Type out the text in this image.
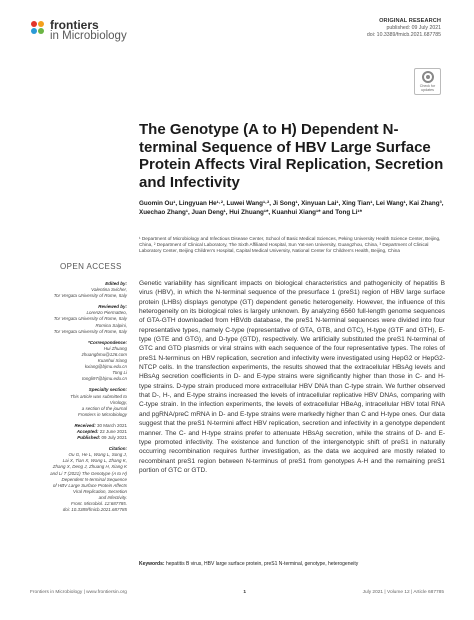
frontiers
in Microbiology
ORIGINAL RESEARCH
published: 09 July 2021
doi: 10.3389/fmicb.2021.687785
Check for updates
The Genotype (A to H) Dependent N-terminal Sequence of HBV Large Surface Protein Affects Viral Replication, Secretion and Infectivity
Guomin Ou¹, Lingyuan He¹·², Luwei Wang¹·², Ji Song¹, Xinyuan Lai¹, Xing Tian¹, Lei Wang¹, Kai Zhang³, Xuechao Zhang¹, Juan Deng¹, Hui Zhuang¹*, Kuanhui Xiang¹* and Tong Li¹*
¹ Department of Microbiology and Infectious Disease Center, School of Basic Medical Sciences, Peking University Health Science Center, Beijing, China, ² Department of Clinical Laboratory, The Sixth Affiliated Hospital, Sun Yat-sen University, Guangzhou, China, ³ Department of Clinical Laboratory Center, Beijing Children's Hospital, Capital Medical University, National Center for Children's Health, Beijing, China
OPEN ACCESS
Edited by:
Valentina Svicher,
Tor Vergata University of Rome, Italy
Reviewed by:
Lorenzo Piermatteo,
Tor Vergata University of Rome, Italy
Romina Salpini,
Tor Vergata University of Rome, Italy
*Correspondence:
Hui Zhuang
zhuangbmu@126.com
Kuanhui Xiang
kxiang@bjmu.edu.cn
Tong Li
tongli97@bjmu.edu.cn
Specialty section:
This article was submitted to
Virology,
a section of the journal
Frontiers in Microbiology
Received: 30 March 2021
Accepted: 22 June 2021
Published: 09 July 2021
Citation:
Ou G, He L, Wang L, Song J,
Lai X, Tian X, Wang L, Zhang K,
Zhang X, Deng J, Zhuang H, Xiang K
and Li T (2021) The Genotype (A to H)
Dependent N-terminal Sequence
of HBV Large Surface Protein Affects
Viral Replication, Secretion
and Infectivity.
Front. Microbiol. 12:687785.
doi: 10.3389/fmicb.2021.687785

Genetic variability has significant impacts on biological characteristics and pathogenicity of hepatitis B virus (HBV), in which the N-terminal sequence of the presurface 1 (preS1) region of HBV large surface protein (LHBs) displays genotype (GT) dependent genetic heterogeneity. However, the influence of this heterogeneity on its biological roles is largely unknown. By analyzing 6560 full-length genome sequences of GTA-GTH downloaded from HBVdb database, the preS1 N-terminal sequences were divided into four representative types, namely C-type (representative of GTA, GTB, and GTC), H-type (GTF and GTH), E-type (GTE and GTG), and D-type (GTD), respectively. We artificially substituted the preS1 N-terminal of GTC and GTD plasmids or viral strains with each sequence of the four representative types. The roles of preS1 N-terminus on HBV replication, secretion and infectivity were investigated using HepG2 or HepG2-NTCP cells. In the transfection experiments, the results showed that the extracellular HBsAg levels and HBsAg secretion coefficients in D- and E-type strains were significantly higher than those in C- and H-type strains. D-type strain produced more extracellular HBV DNA than C-type strain. We further observed that D-, H-, and E-type strains increased the levels of intracellular replicative HBV DNAs, comparing with C-type strain. In the infection experiments, the levels of extracellular HBeAg, intracellular HBV total RNA and pgRNA/preC mRNA in D- and E-type strains were markedly higher than C and H-type ones. Our data suggest that the preS1 N-termini affect HBV replication, secretion and infectivity in a genotype dependent manner. The C- and H-type strains prefer to attenuate HBsAg secretion, while the strains of D- and E-type promoted infectivity. The existence and function of the intergenotypic shift of preS1 in naturally occurring recombination requires further investigation, as the data we acquired are mostly related to recombinant preS1 region between N-terminus of preS1 from genotypes A-H and the remaining preS1 portion of GTC or GTD.

Keywords: hepatitis B virus, HBV large surface protein, preS1 N-terminal, genotype, heterogeneity
Frontiers in Microbiology | www.frontiersin.org	1	July 2021 | Volume 12 | Article 687785
